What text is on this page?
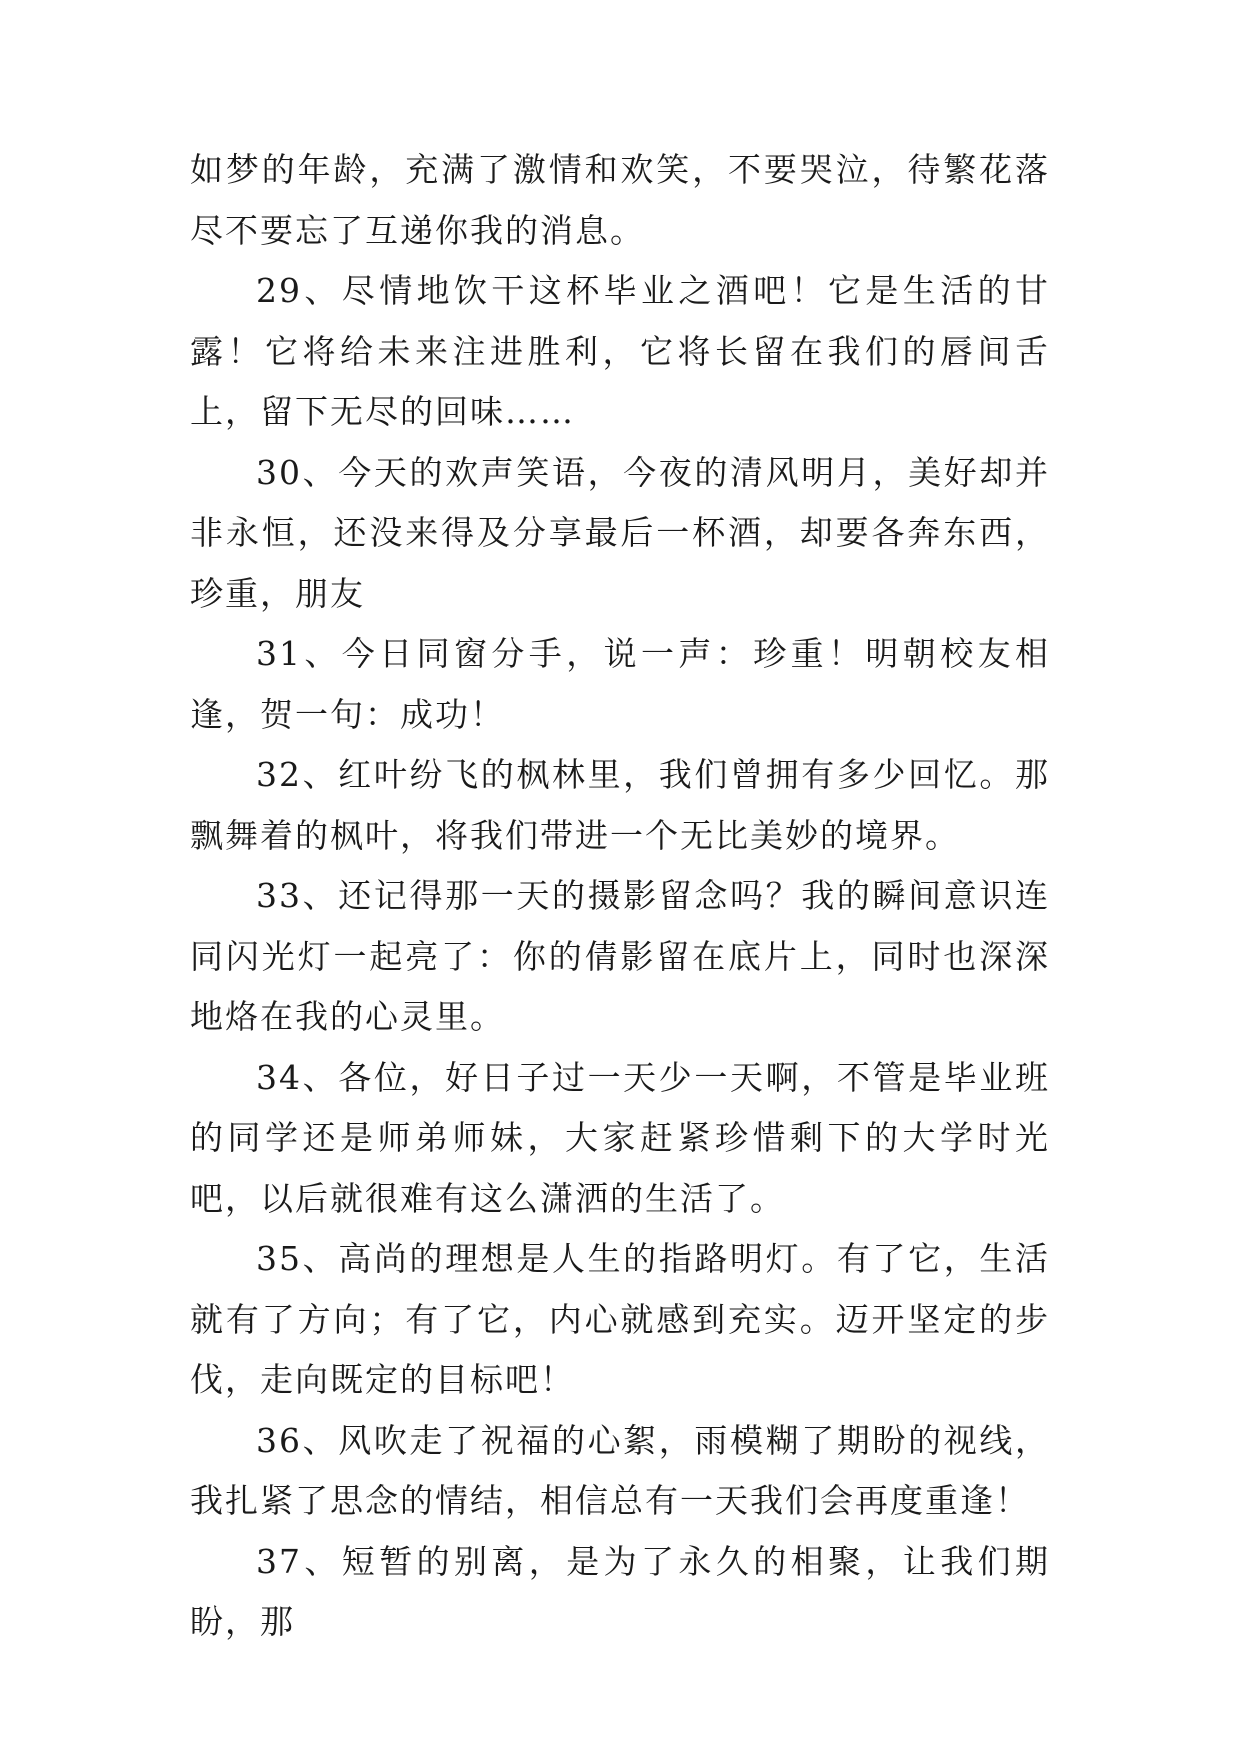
如梦的年龄，充满了激情和欢笑，不要哭泣，待繁花落尽不要忘了互递你我的消息。

29、尽情地饮干这杯毕业之酒吧！它是生活的甘露！它将给未来注进胜利，它将长留在我们的唇间舌上，留下无尽的回味……

30、今天的欢声笑语，今夜的清风明月，美好却并非永恒，还没来得及分享最后一杯酒，却要各奔东西，珍重，朋友

31、今日同窗分手，说一声：珍重！明朝校友相逢，贺一句：成功！

32、红叶纷飞的枫林里，我们曾拥有多少回忆。那飘舞着的枫叶，将我们带进一个无比美妙的境界。

33、还记得那一天的摄影留念吗？我的瞬间意识连同闪光灯一起亮了：你的倩影留在底片上，同时也深深地烙在我的心灵里。

34、各位，好日子过一天少一天啊，不管是毕业班的同学还是师弟师妹，大家赶紧珍惜剩下的大学时光吧，以后就很难有这么潇洒的生活了。

35、高尚的理想是人生的指路明灯。有了它，生活就有了方向；有了它，内心就感到充实。迈开坚定的步伐，走向既定的目标吧！

36、风吹走了祝福的心絮，雨模糊了期盼的视线，我扎紧了思念的情结，相信总有一天我们会再度重逢！

37、短暂的别离，是为了永久的相聚，让我们期盼，那
